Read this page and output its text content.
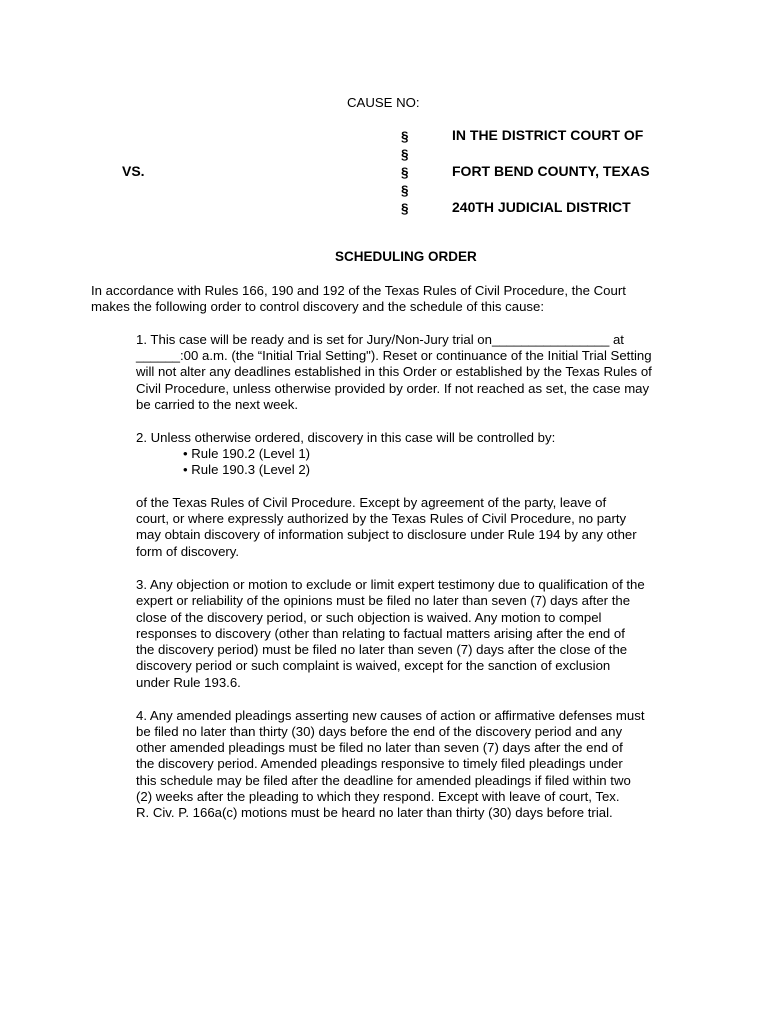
CAUSE NO:
§
§
§
§
§
IN THE DISTRICT COURT OF
FORT BEND COUNTY, TEXAS
240TH JUDICIAL DISTRICT
VS.
SCHEDULING ORDER
In accordance with Rules 166, 190 and 192 of the Texas Rules of Civil Procedure, the Court
makes the following order to control discovery and the schedule of this cause:
1. This case will be ready and is set for Jury/Non-Jury trial on________________ at
______:00 a.m. (the “Initial Trial Setting"). Reset or continuance of the Initial Trial Setting
will not alter any deadlines established in this Order or established by the Texas Rules of
Civil Procedure, unless otherwise provided by order. If not reached as set, the case may
be carried to the next week.
2. Unless otherwise ordered, discovery in this case will be controlled by:
• Rule 190.2 (Level 1)
• Rule 190.3 (Level 2)
of the Texas Rules of Civil Procedure. Except by agreement of the party, leave of
court, or where expressly authorized by the Texas Rules of Civil Procedure, no party
may obtain discovery of information subject to disclosure under Rule 194 by any other
form of discovery.
3. Any objection or motion to exclude or limit expert testimony due to qualification of the
expert or reliability of the opinions must be filed no later than seven (7) days after the
close of the discovery period, or such objection is waived. Any motion to compel
responses to discovery (other than relating to factual matters arising after the end of
the discovery period) must be filed no later than seven (7) days after the close of the
discovery period or such complaint is waived, except for the sanction of exclusion
under Rule 193.6.
4. Any amended pleadings asserting new causes of action or affirmative defenses must
be filed no later than thirty (30) days before the end of the discovery period and any
other amended pleadings must be filed no later than seven (7) days after the end of
the discovery period. Amended pleadings responsive to timely filed pleadings under
this schedule may be filed after the deadline for amended pleadings if filed within two
(2) weeks after the pleading to which they respond. Except with leave of court, Tex.
R. Civ. P. 166a(c) motions must be heard no later than thirty (30) days before trial.
